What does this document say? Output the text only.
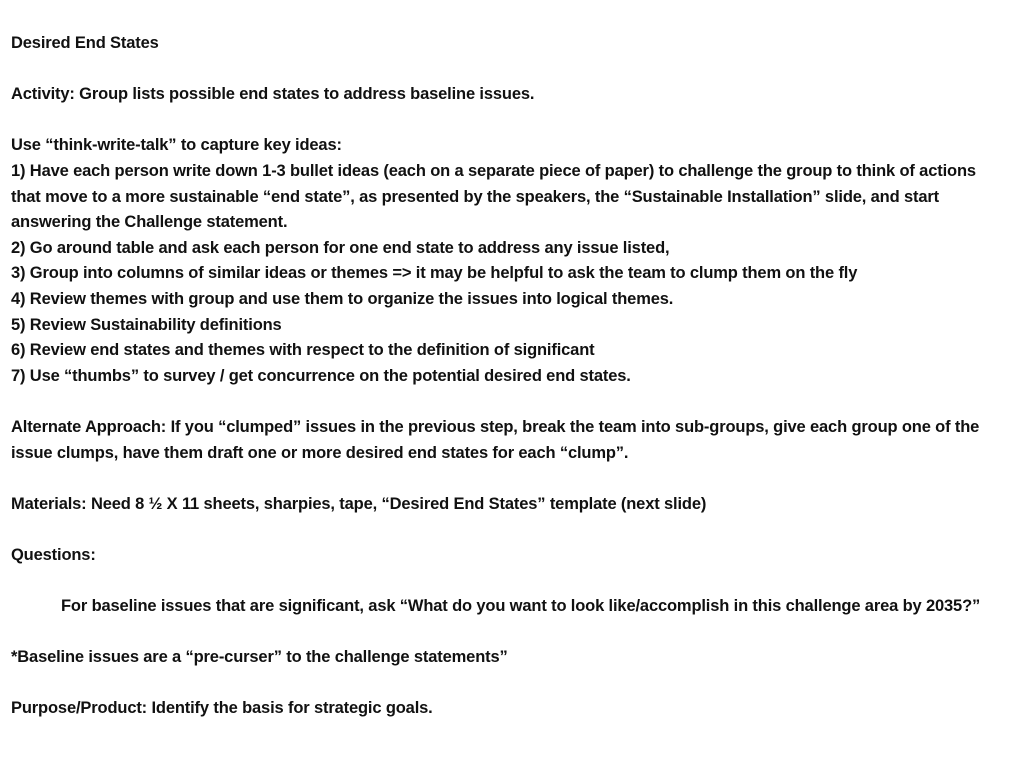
Desired End States

Activity: Group lists possible end states to address baseline issues.

Use “think-write-talk” to capture key ideas:

1) Have each person write down 1-3 bullet ideas (each on a separate piece of paper) to challenge the group to think of actions that move to a more sustainable “end state”, as presented by the speakers, the “Sustainable Installation” slide, and start answering the Challenge statement.
2) Go around table and ask each person for one end state to address any issue listed,
3) Group into columns of similar ideas or themes => it may be helpful to ask the team to clump them on the fly
4) Review themes with group and use them to organize the issues into logical themes.
5) Review Sustainability definitions
6) Review end states and themes with respect to the definition of significant
7) Use “thumbs” to survey / get concurrence on the potential desired end states.

Alternate Approach: If you “clumped” issues in the previous step, break the team into sub-groups, give each group one of the issue clumps, have them draft one or more desired end states for each “clump”.

Materials: Need 8 ½ X 11 sheets, sharpies, tape, “Desired End States” template (next slide)

Questions:

For baseline issues that are significant, ask “What do you want to look like/accomplish in this challenge area by 2035?”

*Baseline issues are a “pre-curser” to the challenge statements”

Purpose/Product: Identify the basis for strategic goals.
